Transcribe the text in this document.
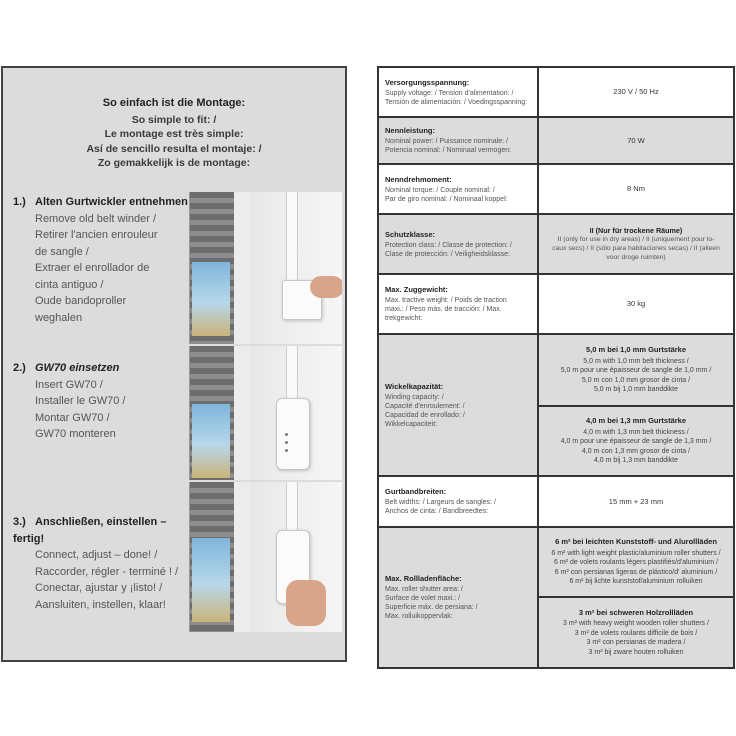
So einfach ist die Montage:
So simple to fit: /
Le montage est très simple:
Así de sencillo resulta el montaje: /
Zo gemakkelijk is de montage:
1.) Alten Gurtwickler entnehmen
Remove old belt winder /
Retirer l'ancien enrouleur
de sangle /
Extraer el enrollador de
cinta antiguo /
Oude bandoproller
weghalen
2.) GW70 einsetzen
Insert GW70 /
Installer le GW70 /
Montar GW70 /
GW70 monteren
3.) Anschließen, einstellen – fertig!
Connect, adjust – done! /
Raccorder, régler - terminé ! /
Conectar, ajustar y ¡listo! /
Aansluiten, instellen, klaar!
Versorgungsspannung:
Supply voltage: / Tension d'alimentation: /
Tensión de alimentación: / Voedingsspanning:
230 V / 50 Hz
Nennleistung:
Nominal power: / Puissance nominale: /
Potencia nominal: / Nominaal vermogen:
70 W
Nenndrehmoment:
Nominal torque: / Couple nominal: /
Par de giro nominal: / Nominaal koppel:
8 Nm
Schutzklasse:
Protection class: / Classe de protection: /
Clase de protección: / Veiligheidsklasse:
II (Nur für trockene Räume)
II (only for use in dry areas) / II (uniquement pour lo-
caux secs) / II (sólo para habitaciones secas) / II (alleen
voor droge ruimten)
Max. Zuggewicht:
Max. tractive weight: / Poids de traction
maxi.: / Peso más. de tracción: / Max.
trekgewicht:
30 kg
Wickelkapazität:
Winding capacity: /
Capacité d'enroulement: /
Capacidad de enrollado: /
Wikkelcapaciteit:
5,0 m bei 1,0 mm Gurtstärke
5,0 m with 1,0 mm belt thickness /
5,0 m pour une épaisseur de sangle de 1,0 mm /
5,0 m con 1,0 mm grosor de cinta /
5,0 m bij 1,0 mm banddikte
4,0 m bei 1,3 mm Gurtstärke
4,0 m with 1,3 mm belt thickness /
4,0 m pour une épaisseur de sangle de 1,3 mm /
4,0 m con 1,3 mm grosor de cinta /
4,0 m bij 1,3 mm banddikte
Gurtbandbreiten:
Belt widths: / Largeurs de sangles: /
Anchos de cinta: / Bandbreedtes:
15 mm + 23 mm
Max. Rollladenfläche:
Max. roller shutter area: /
Surface de volet maxi.: /
Superficie máx. de persiana: /
Max. rolluikoppervlak:
6 m² bei leichten Kunststoff- und Alurollläden
6 m² with light weight plastic/aluminium roller shutters /
6 m² de volets roulants légers plastifiés/d'aluminium /
6 m² con persianas ligeras de plástico/d' aluminium /
6 m² bij lichte kunststof/aluminium rolluiken
3 m² bei schweren Holzrollläden
3 m² with heavy weight wooden roller shutters /
3 m² de volets roulants difficile de bois /
3 m² con persianas de madera /
3 m² bij zware houten rolluiken
